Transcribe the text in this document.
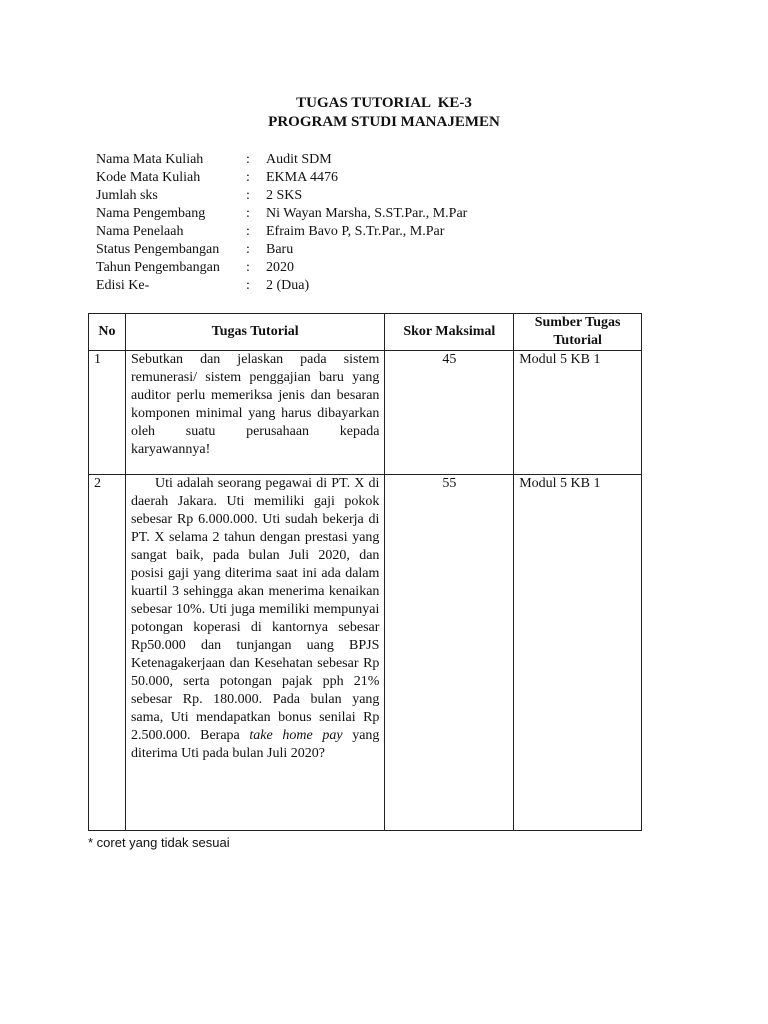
TUGAS TUTORIAL  KE-3
PROGRAM STUDI MANAJEMEN
Nama Mata Kuliah	:	Audit SDM
Kode Mata Kuliah	:	EKMA 4476
Jumlah sks	:	2 SKS
Nama Pengembang	:	Ni Wayan Marsha, S.ST.Par., M.Par
Nama Penelaah	:	Efraim Bavo P, S.Tr.Par., M.Par
Status Pengembangan	:	Baru
Tahun Pengembangan	:	2020
Edisi Ke-	:	2 (Dua)
No	Tugas Tutorial	Skor Maksimal	Sumber Tugas Tutorial
1	Sebutkan dan jelaskan pada sistem remunerasi/ sistem penggajian baru yang auditor perlu memeriksa jenis dan besaran komponen minimal yang harus dibayarkan oleh suatu perusahaan kepada karyawannya!	45	Modul 5 KB 1
2	Uti adalah seorang pegawai di PT. X di daerah Jakara. Uti memiliki gaji pokok sebesar Rp 6.000.000. Uti sudah bekerja di PT. X selama 2 tahun dengan prestasi yang sangat baik, pada bulan Juli 2020, dan posisi gaji yang diterima saat ini ada dalam kuartil 3 sehingga akan menerima kenaikan sebesar 10%. Uti juga memiliki mempunyai potongan koperasi di kantornya sebesar Rp50.000 dan tunjangan uang BPJS Ketenagakerjaan dan Kesehatan sebesar Rp 50.000, serta potongan pajak pph 21% sebesar Rp. 180.000. Pada bulan yang sama, Uti mendapatkan bonus senilai Rp 2.500.000. Berapa take home pay yang diterima Uti pada bulan Juli 2020?	55	Modul 5 KB 1
* coret yang tidak sesuai
